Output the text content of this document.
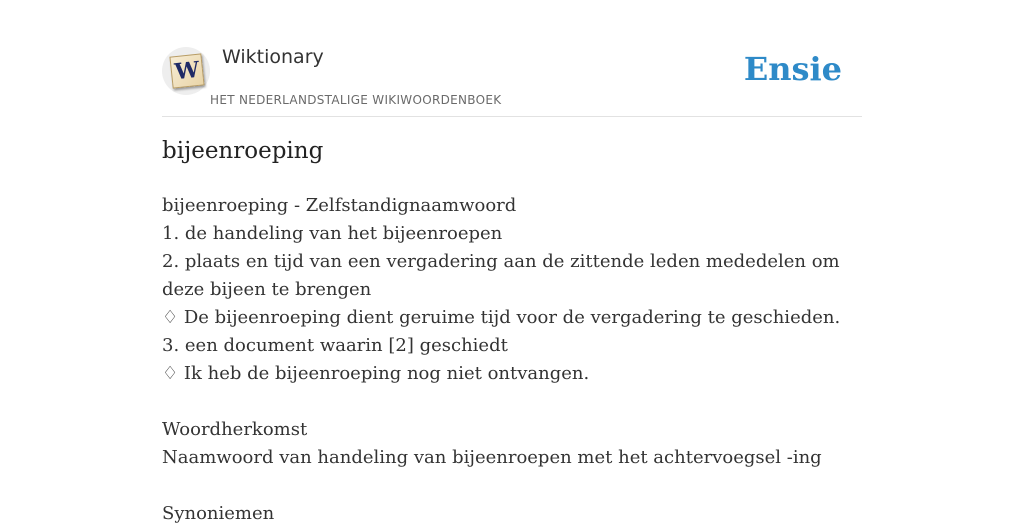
W Wiktionary
HET NEDERLANDSTALIGE WIKIWOORDENBOEK
Ensie
bijeenroeping
bijeenroeping - Zelfstandignaamwoord
1. de handeling van het bijeenroepen
2. plaats en tijd van een vergadering aan de zittende leden mededelen om deze bijeen te brengen
♢ De bijeenroeping dient geruime tijd voor de vergadering te geschieden.
3. een document waarin [2] geschiedt
♢ Ik heb de bijeenroeping nog niet ontvangen.
Woordherkomst
Naamwoord van handeling van bijeenroepen met het achtervoegsel -ing
Synoniemen
